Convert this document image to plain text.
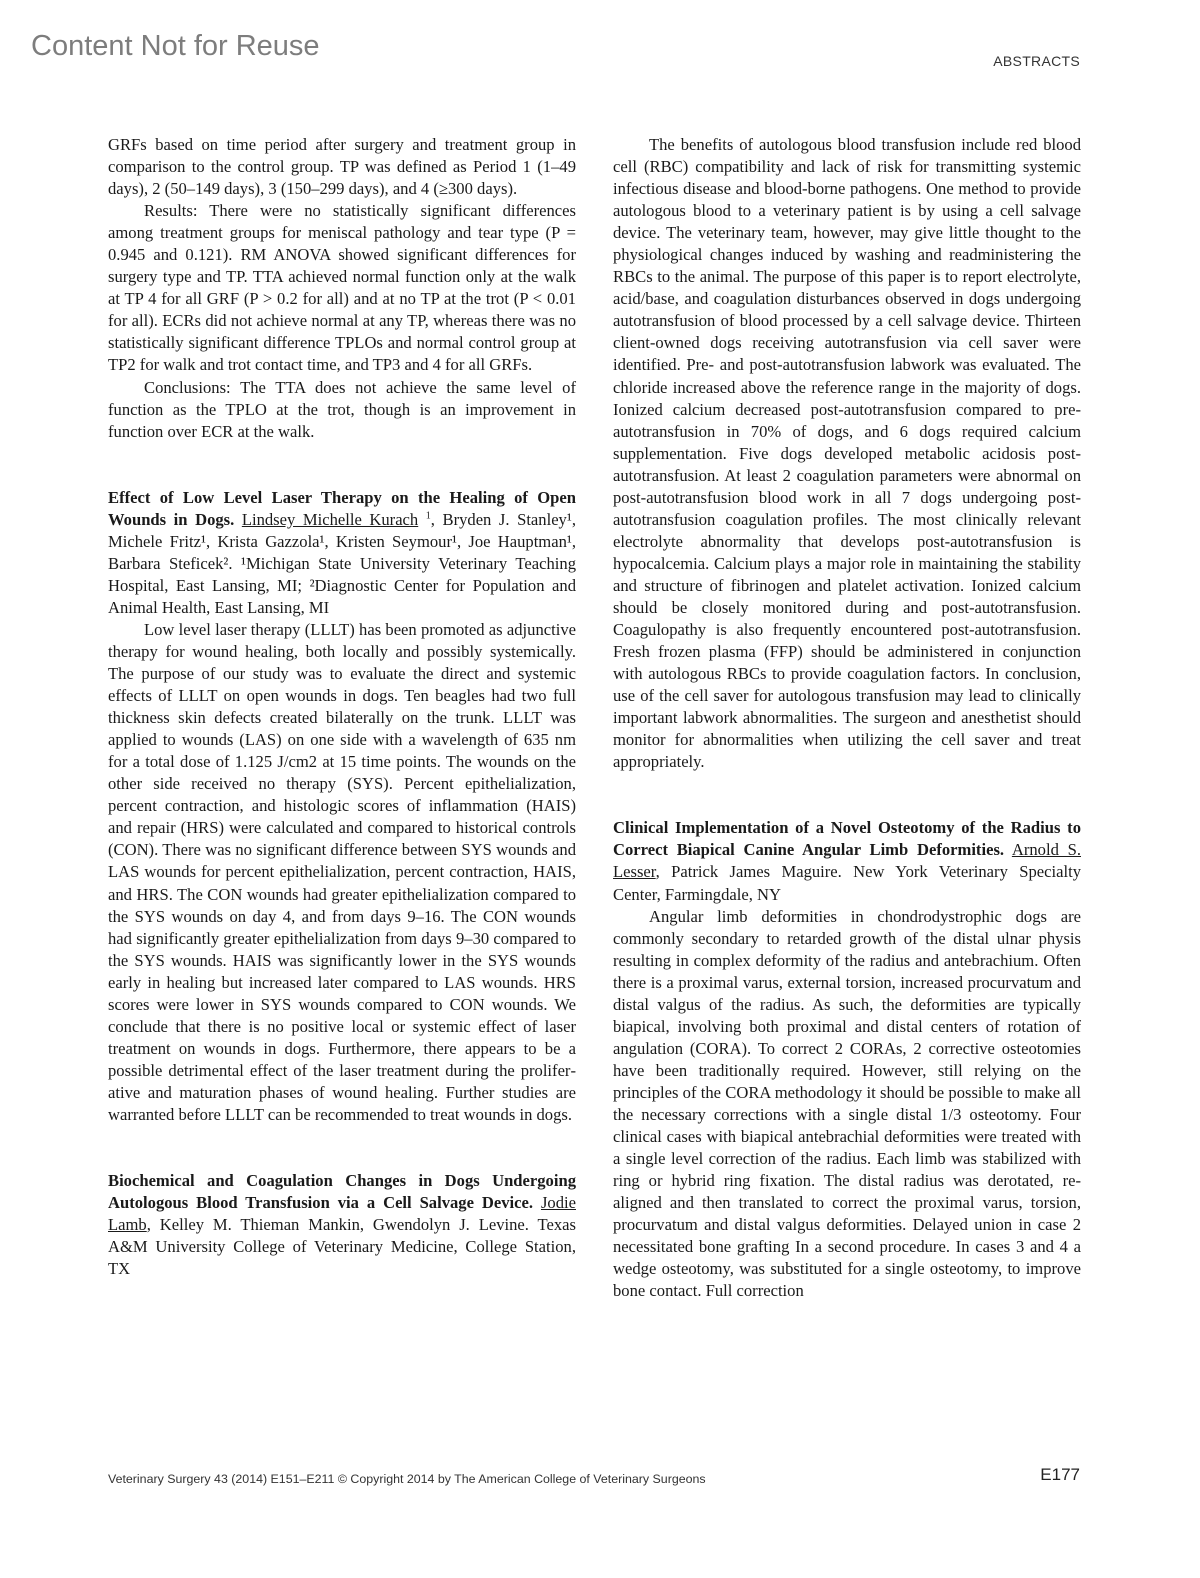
Content Not for Reuse	ABSTRACTS

GRFs based on time period after surgery and treatment group in comparison to the control group. TP was defined as Period 1 (1–49 days), 2 (50–149 days), 3 (150–299 days), and 4 (≥300 days).

Results: There were no statistically significant differences among treatment groups for meniscal pathology and tear type (P = 0.945 and 0.121). RM ANOVA showed significant differences for surgery type and TP. TTA achieved normal function only at the walk at TP 4 for all GRF (P > 0.2 for all) and at no TP at the trot (P < 0.01 for all). ECRs did not achieve normal at any TP, whereas there was no statistically significant difference TPLOs and normal control group at TP2 for walk and trot contact time, and TP3 and 4 for all GRFs.

Conclusions: The TTA does not achieve the same level of function as the TPLO at the trot, though is an improvement in function over ECR at the walk.

Effect of Low Level Laser Therapy on the Healing of Open Wounds in Dogs. Lindsey Michelle Kurach $^1$, Bryden J. Stanley¹, Michele Fritz¹, Krista Gazzola¹, Kristen Seymour¹, Joe Hauptman¹, Barbara Steficek². ¹Michigan State University Veterinary Teaching Hospital, East Lansing, MI; ²Diagnostic Center for Population and Animal Health, East Lansing, MI

Low level laser therapy (LLLT) has been promoted as adjunctive therapy for wound healing, both locally and possibly systemically. The purpose of our study was to evaluate the direct and systemic effects of LLLT on open wounds in dogs. Ten beagles had two full thickness skin defects created bilaterally on the trunk. LLLT was applied to wounds (LAS) on one side with a wavelength of 635 nm for a total dose of 1.125 J/cm2 at 15 time points. The wounds on the other side received no therapy (SYS). Percent epithelialization, percent contraction, and histologic scores of inflammation (HAIS) and repair (HRS) were calculated and compared to historical controls (CON). There was no significant difference between SYS wounds and LAS wounds for percent epithelialization, percent contraction, HAIS, and HRS. The CON wounds had greater epithelialization compared to the SYS wounds on day 4, and from days 9–16. The CON wounds had significantly greater epithelialization from days 9–30 compared to the SYS wounds. HAIS was significantly lower in the SYS wounds early in healing but increased later compared to LAS wounds. HRS scores were lower in SYS wounds compared to CON wounds. We conclude that there is no positive local or systemic effect of laser treatment on wounds in dogs. Furthermore, there appears to be a possible detrimental effect of the laser treatment during the proliferative and maturation phases of wound healing. Further studies are warranted before LLLT can be recommended to treat wounds in dogs.

Biochemical and Coagulation Changes in Dogs Undergoing Autologous Blood Transfusion via a Cell Salvage Device. Jodie Lamb, Kelley M. Thieman Mankin, Gwendolyn J. Levine. Texas A&M University College of Veterinary Medicine, College Station, TX

The benefits of autologous blood transfusion include red blood cell (RBC) compatibility and lack of risk for transmitting systemic infectious disease and blood-borne pathogens. One method to provide autologous blood to a veterinary patient is by using a cell salvage device. The veterinary team, however, may give little thought to the physiological changes induced by washing and readministering the RBCs to the animal. The purpose of this paper is to report electrolyte, acid/base, and coagulation disturbances observed in dogs undergoing autotransfusion of blood processed by a cell salvage device. Thirteen client-owned dogs receiving autotransfusion via cell saver were identified. Pre- and post-autotransfusion labwork was evaluated. The chloride increased above the reference range in the majority of dogs. Ionized calcium decreased post-autotransfusion compared to pre-autotransfusion in 70% of dogs, and 6 dogs required calcium supplementation. Five dogs developed metabolic acidosis post-autotransfusion. At least 2 coagulation parameters were abnormal on post-autotransfusion blood work in all 7 dogs undergoing post-autotransfusion coagulation profiles. The most clinically relevant electrolyte abnormality that develops post-autotransfusion is hypocalcemia. Calcium plays a major role in maintaining the stability and structure of fibrinogen and platelet activation. Ionized calcium should be closely monitored during and post-autotransfusion. Coagulopathy is also frequently encountered post-autotransfusion. Fresh frozen plasma (FFP) should be administered in conjunction with autologous RBCs to provide coagulation factors. In conclusion, use of the cell saver for autologous transfusion may lead to clinically important labwork abnormalities. The surgeon and anesthetist should monitor for abnormalities when utilizing the cell saver and treat appropriately.

Clinical Implementation of a Novel Osteotomy of the Radius to Correct Biapical Canine Angular Limb Deformities. Arnold S. Lesser, Patrick James Maguire. New York Veterinary Specialty Center, Farmingdale, NY

Angular limb deformities in chondrodystrophic dogs are commonly secondary to retarded growth of the distal ulnar physis resulting in complex deformity of the radius and antebrachium. Often there is a proximal varus, external torsion, increased procurvatum and distal valgus of the radius. As such, the deformities are typically biapical, involving both proximal and distal centers of rotation of angulation (CORA). To correct 2 CORAs, 2 corrective osteotomies have been traditionally required. However, still relying on the principles of the CORA methodology it should be possible to make all the necessary corrections with a single distal 1/3 osteotomy. Four clinical cases with biapical antebrachial deformities were treated with a single level correction of the radius. Each limb was stabilized with ring or hybrid ring fixation. The distal radius was derotated, re-aligned and then translated to correct the proximal varus, torsion, procurvatum and distal valgus deformities. Delayed union in case 2 necessitated bone grafting In a second procedure. In cases 3 and 4 a wedge osteotomy, was substituted for a single osteotomy, to improve bone contact. Full correction

Veterinary Surgery 43 (2014) E151–E211 © Copyright 2014 by The American College of Veterinary Surgeons	E177
